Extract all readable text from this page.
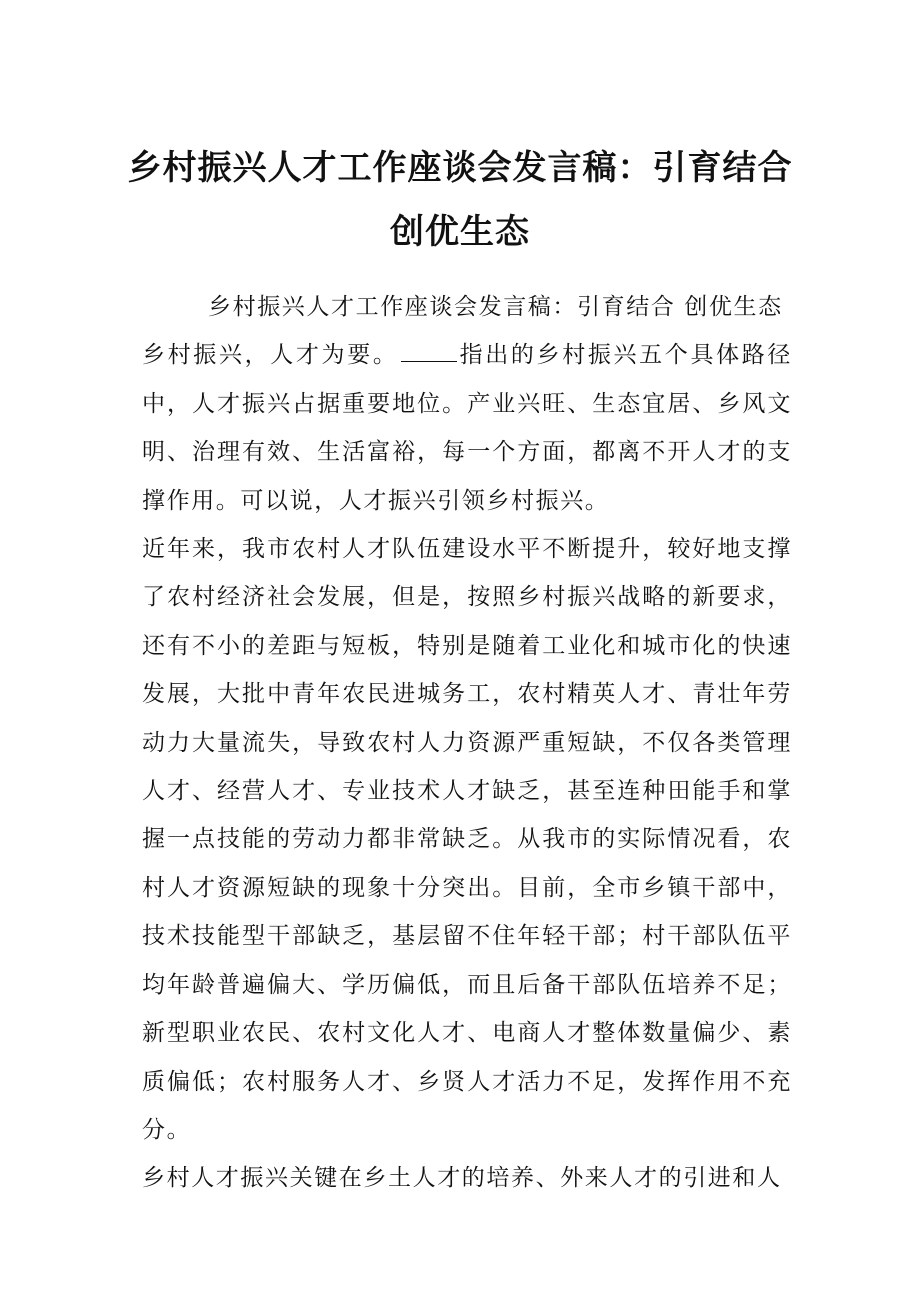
乡村振兴人才工作座谈会发言稿：引育结合
创优生态

乡村振兴人才工作座谈会发言稿：引育结合 创优生态

乡村振兴，人才为要。	指出的乡村振兴五个具体路径中，人才振兴占据重要地位。产业兴旺、生态宜居、乡风文明、治理有效、生活富裕，每一个方面，都离不开人才的支撑作用。可以说，人才振兴引领乡村振兴。

近年来，我市农村人才队伍建设水平不断提升，较好地支撑了农村经济社会发展，但是，按照乡村振兴战略的新要求，还有不小的差距与短板，特别是随着工业化和城市化的快速发展，大批中青年农民进城务工，农村精英人才、青壮年劳动力大量流失，导致农村人力资源严重短缺，不仅各类管理人才、经营人才、专业技术人才缺乏，甚至连种田能手和掌握一点技能的劳动力都非常缺乏。从我市的实际情况看，农村人才资源短缺的现象十分突出。目前，全市乡镇干部中，技术技能型干部缺乏，基层留不住年轻干部；村干部队伍平均年龄普遍偏大、学历偏低，而且后备干部队伍培养不足；新型职业农民、农村文化人才、电商人才整体数量偏少、素质偏低；农村服务人才、乡贤人才活力不足，发挥作用不充分。

乡村人才振兴关键在乡土人才的培养、外来人才的引进和人
